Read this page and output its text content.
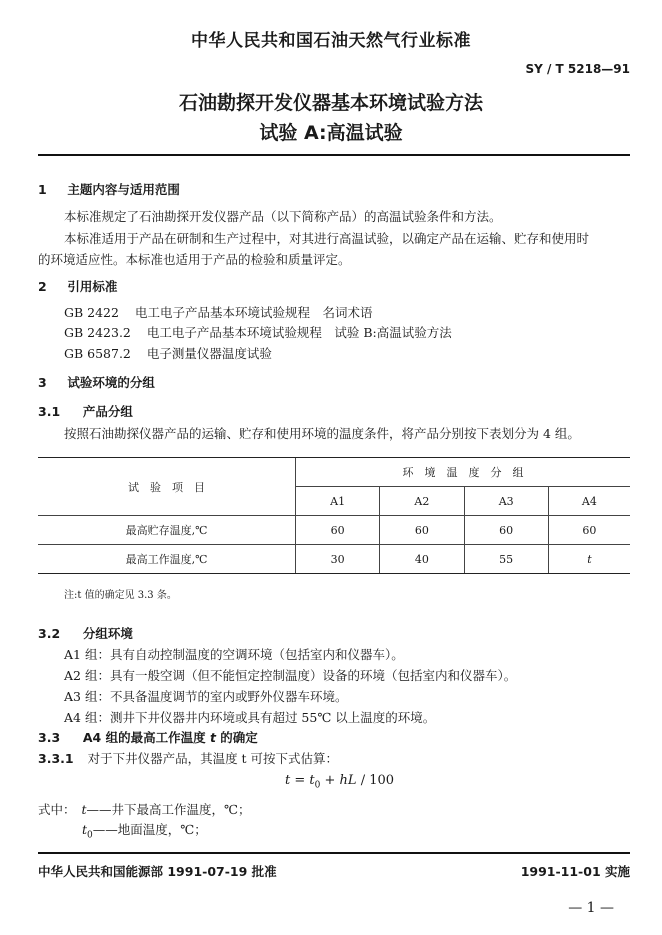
中华人民共和国石油天然气行业标准
SY / T 5218—91
石油勘探开发仪器基本环境试验方法
试验 A:高温试验
1 主题内容与适用范围
本标准规定了石油勘探开发仪器产品（以下简称产品）的高温试验条件和方法。
本标准适用于产品在研制和生产过程中，对其进行高温试验，以确定产品在运输、贮存和使用时
的环境适应性。本标准也适用于产品的检验和质量评定。
2 引用标准
GB 2422 电工电子产品基本环境试验规程　名词术语
GB 2423.2 电工电子产品基本环境试验规程　试验 B:高温试验方法
GB 6587.2 电子测量仪器温度试验
3 试验环境的分组
3.1 产品分组
按照石油勘探仪器产品的运输、贮存和使用环境的温度条件，将产品分别按下表划分为 4 组。
试　验　项　目	环　境　温　度　分　组			
	A1	A2	A3	A4
最高贮存温度,℃	60	60	60	60
最高工作温度,℃	30	40	55	t
注:t 值的确定见 3.3 条。
3.2 分组环境
A1 组：具有自动控制温度的空调环境（包括室内和仪器车）。
A2 组：具有一般空调（但不能恒定控制温度）设备的环境（包括室内和仪器车）。
A3 组：不具备温度调节的室内或野外仪器车环境。
A4 组：测井下井仪器井内环境或具有超过 55℃ 以上温度的环境。
3.3 A4 组的最高工作温度 t 的确定
3.3.1 对于下井仪器产品，其温度 t 可按下式估算：
$t = t_0$ + hL / 100
式中： t——井下最高工作温度，℃；
$t_0——$地面温度，℃；
中华人民共和国能源部 1991-07-19 批准	1991-11-01 实施
— 1 —
